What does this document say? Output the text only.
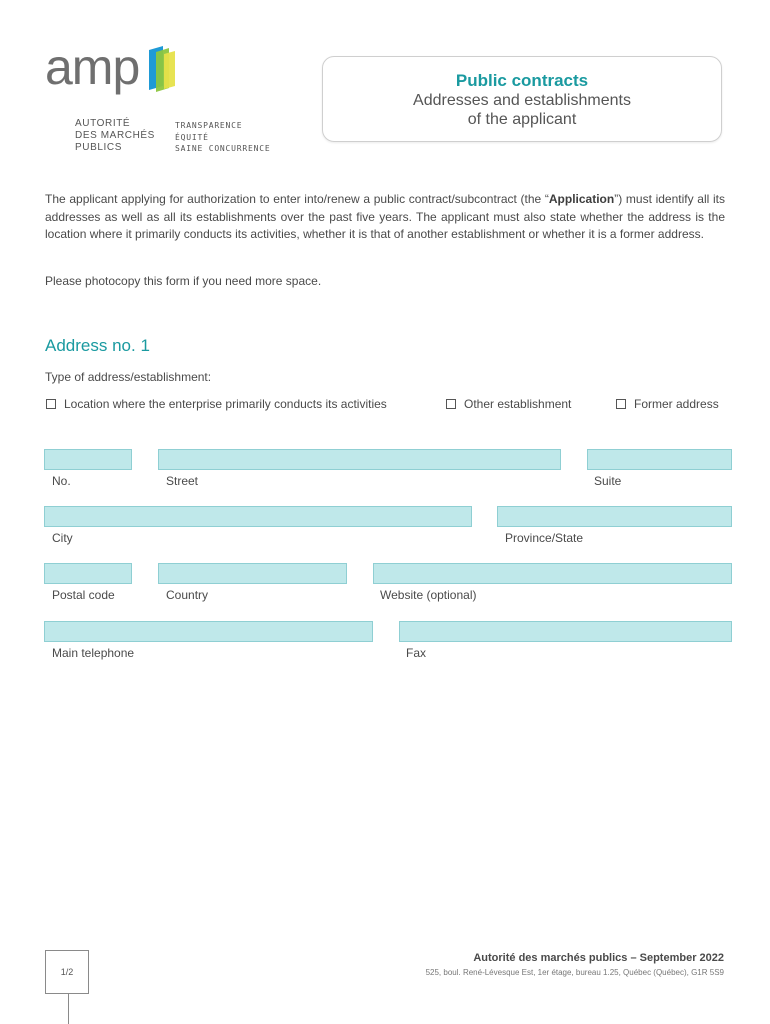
amp
AUTORITÉ
DES MARCHÉS
PUBLICS
TRANSPARENCE
ÉQUITÉ
SAINE CONCURRENCE
Public contracts
Addresses and establishments
of the applicant
The applicant applying for authorization to enter into/renew a public contract/subcontract (the “Application”) must identify all its addresses as well as all its establishments over the past five years. The applicant must also state whether the address is the location where it primarily conducts its activities, whether it is that of another establishment or whether it is a former address.
Please photocopy this form if you need more space.
Address no. 1
Type of address/establishment:
Location where the enterprise primarily conducts its activities	Other establishment	Former address
No.	Street	Suite
City	Province/State
Postal code	Country	Website (optional)
Main telephone	Fax
1/2
Autorité des marchés publics – September 2022
525, boul. René-Lévesque Est, 1er étage, bureau 1.25, Québec (Québec), G1R 5S9
